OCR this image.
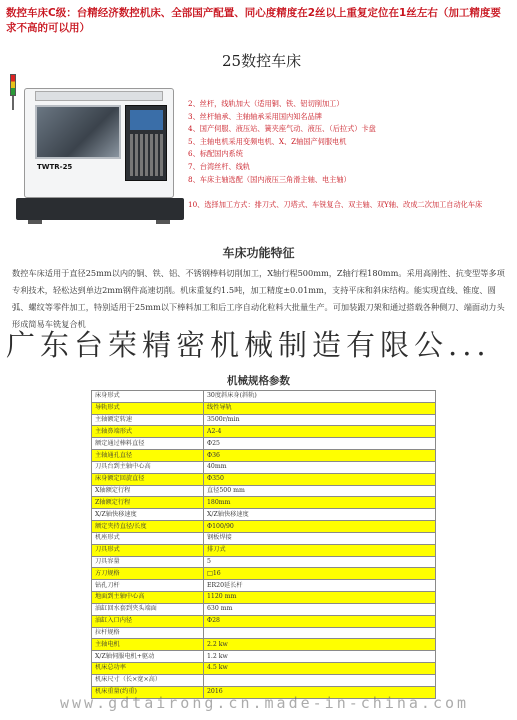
数控车床C级：台精经济数控机床、全部国产配置、同心度精度在2丝以上重复定位在1丝左右（加工精度要求不高的可以用）
TWTR-25
25数控车床
2、丝杆，线轨加大（适用铜、铁、铝切削加工）
3、丝杆轴承、主轴轴承采用国内知名品牌
4、国产伺服、液压站、簧夹座气动、液压、（后拉式）卡盘
5、主轴电机采用变频电机、X、Z轴国产伺服电机
6、标配国内系统
7、台湾丝杆、线轨
8、车床主轴选配（国内液压三角滑主轴、电主轴）

10、选择加工方式：排刀式、刀塔式、车铣复合、双主轴、双Y轴、改成二次加工自动化车床
车床功能特征
数控车床适用于直径25mm以内的铜、铁、铝、不锈钢棒料切削加工，X轴行程500mm，Z轴行程180mm。采用高刚性、抗变型等多项专利技术，轻松达到单边2mm钢件高速切削。机床重复约1.5吨，加工精度±0.01mm，支持平床和斜床结构。能实现直线、锥度、圆弧、螺纹等零件加工，特别适用于25mm以下棒料加工和后工序自动化粒料大批量生产。可加装跟刀架和通过搭载各种侧刀、端面动力头形成简易车铣复合机
广东台荣精密机械制造有限公...
机械规格参数
床身形式	30度斜床身(斜轨)
导轨形式	线性导轨
主轴额定转速	3500r/min
主轴鼻端形式	A2-4
额定通过棒料直径	Φ25
主轴通孔直径	Φ36
刀具台到主轴中心高	40mm
床身额定回旋直径	Φ350
X轴额定行程	直径500 mm
Z轴额定行程	180mm
X/Z轴快移速度	X/Z轴快移速度
额定夹持直径/长度	Φ100/90
机座形式	钢板焊接
刀具形式	排刀式
刀具容量	5
方刀规格	□16
钻孔刀杆	ER20延长杆
地面到主轴中心高	1120 mm
油缸回水套到夹头端面	630 mm
油缸入口内径	Φ28
拉杆规格	
主轴电机	2.2 kw
X/Z轴伺服电机+驱动	1.2 kw
机床总功率	4.5 kw
机床尺寸（长×宽×高）	
机床重量(约重)	2016
www.gdtairong.cn.made-in-china.com
